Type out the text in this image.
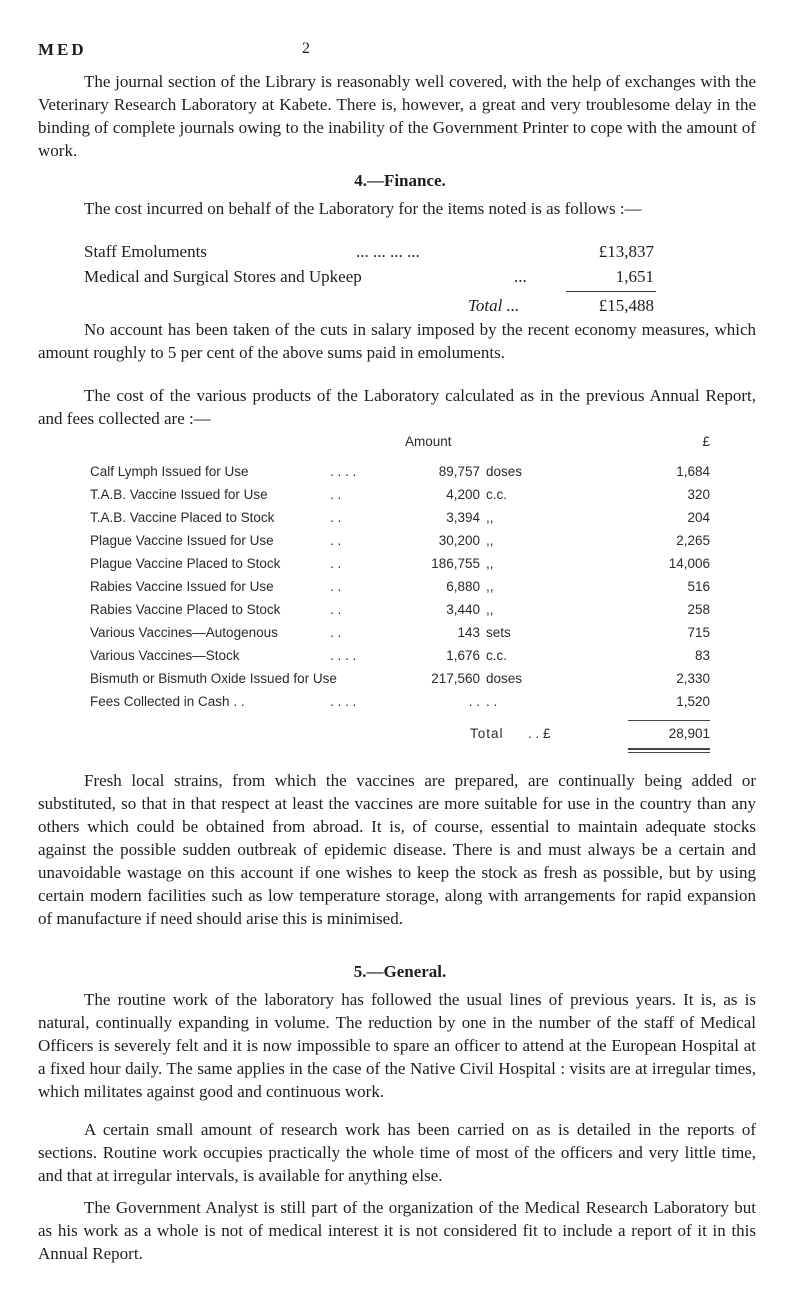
MED	2

The journal section of the Library is reasonably well covered, with the help of exchanges with the Veterinary Research Laboratory at Kabete. There is, however, a great and very troublesome delay in the binding of complete journals owing to the inability of the Government Printer to cope with the amount of work.

4.—Finance.

The cost incurred on behalf of the Laboratory for the items noted is as follows :—

Staff Emoluments	... ... ... ...	£13,837
Medical and Surgical Stores and Upkeep	...	1,651
Total ...	£15,488

No account has been taken of the cuts in salary imposed by the recent economy measures, which amount roughly to 5 per cent of the above sums paid in emoluments.

The cost of the various products of the Laboratory calculated as in the previous Annual Report, and fees collected are :—

Amount	£
Calf Lymph Issued for Use	. . . .	89,757 doses	1,684
T.A.B. Vaccine Issued for Use	. .	4,200 c.c.	320
T.A.B. Vaccine Placed to Stock	. .	3,394 ,,	204
Plague Vaccine Issued for Use	. .	30,200 ,,	2,265
Plague Vaccine Placed to Stock	. .	186,755 ,,	14,006
Rabies Vaccine Issued for Use	. .	6,880 ,,	516
Rabies Vaccine Placed to Stock	. .	3,440 ,,	258
Various Vaccines—Autogenous	. .	143 sets	715
Various Vaccines—Stock	. . . .	1,676 c.c.	83
Bismuth or Bismuth Oxide Issued for Use	217,560 doses	2,330
Fees Collected in Cash . .	. . . .	. . . .	1,520
Total . . £	28,901

Fresh local strains, from which the vaccines are prepared, are continually being added or substituted, so that in that respect at least the vaccines are more suitable for use in the country than any others which could be obtained from abroad. It is, of course, essential to maintain adequate stocks against the possible sudden outbreak of epidemic disease. There is and must always be a certain and unavoidable wastage on this account if one wishes to keep the stock as fresh as possible, but by using certain modern facilities such as low temperature storage, along with arrangements for rapid expansion of manufacture if need should arise this is minimised.

5.—General.

The routine work of the laboratory has followed the usual lines of previous years. It is, as is natural, continually expanding in volume. The reduction by one in the number of the staff of Medical Officers is severely felt and it is now impossible to spare an officer to attend at the European Hospital at a fixed hour daily. The same applies in the case of the Native Civil Hospital : visits are at irregular times, which militates against good and continuous work.

A certain small amount of research work has been carried on as is detailed in the reports of sections. Routine work occupies practically the whole time of most of the officers and very little time, and that at irregular intervals, is available for anything else.

The Government Analyst is still part of the organization of the Medical Research Laboratory but as his work as a whole is not of medical interest it is not considered fit to include a report of it in this Annual Report.
